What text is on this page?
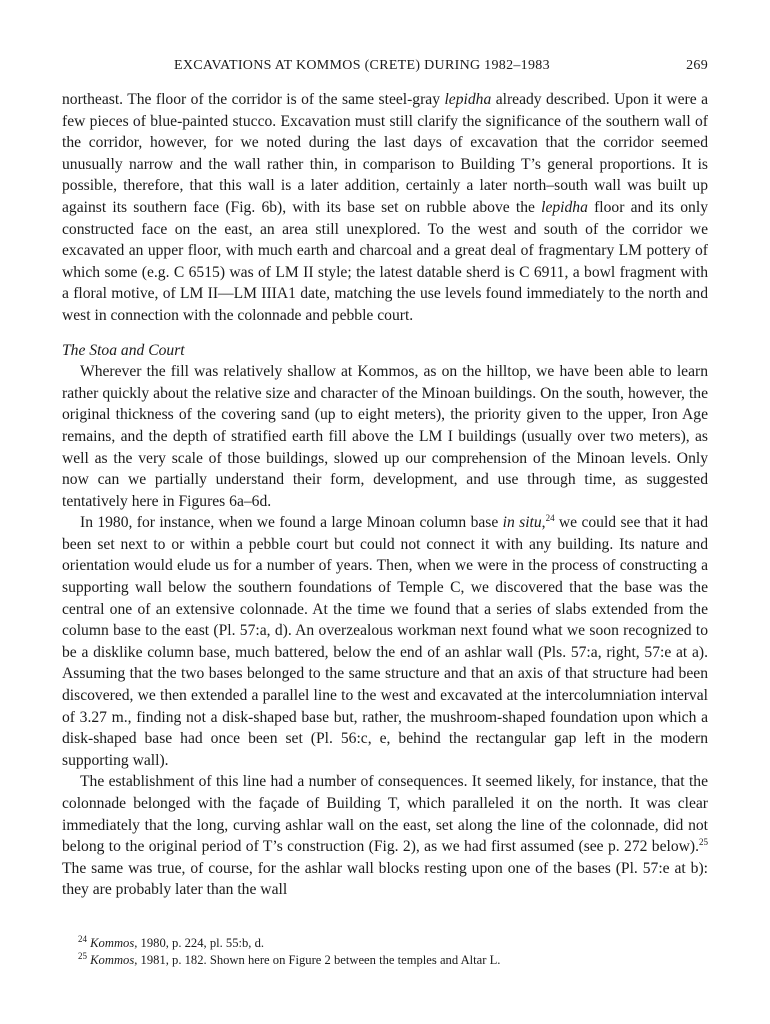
EXCAVATIONS AT KOMMOS (CRETE) DURING 1982–1983	269

northeast. The floor of the corridor is of the same steel-gray lepidha already described. Upon it were a few pieces of blue-painted stucco. Excavation must still clarify the significance of the southern wall of the corridor, however, for we noted during the last days of excavation that the corridor seemed unusually narrow and the wall rather thin, in comparison to Building T’s general proportions. It is possible, therefore, that this wall is a later addition, certainly a later north–south wall was built up against its southern face (Fig. 6b), with its base set on rubble above the lepidha floor and its only constructed face on the east, an area still unexplored. To the west and south of the corridor we excavated an upper floor, with much earth and charcoal and a great deal of fragmentary LM pottery of which some (e.g. C 6515) was of LM II style; the latest datable sherd is C 6911, a bowl fragment with a floral motive, of LM II—LM IIIA1 date, matching the use levels found immediately to the north and west in connection with the colonnade and pebble court.

The Stoa and Court

Wherever the fill was relatively shallow at Kommos, as on the hilltop, we have been able to learn rather quickly about the relative size and character of the Minoan buildings. On the south, however, the original thickness of the covering sand (up to eight meters), the priority given to the upper, Iron Age remains, and the depth of stratified earth fill above the LM I buildings (usually over two meters), as well as the very scale of those buildings, slowed up our comprehension of the Minoan levels. Only now can we partially understand their form, development, and use through time, as suggested tentatively here in Figures 6a–6d.

In 1980, for instance, when we found a large Minoan column base in situ,$^{24}$ we could see that it had been set next to or within a pebble court but could not connect it with any building. Its nature and orientation would elude us for a number of years. Then, when we were in the process of constructing a supporting wall below the southern foundations of Temple C, we discovered that the base was the central one of an extensive colonnade. At the time we found that a series of slabs extended from the column base to the east (Pl. 57:a, d). An overzealous workman next found what we soon recognized to be a disklike column base, much battered, below the end of an ashlar wall (Pls. 57:a, right, 57:e at a). Assuming that the two bases belonged to the same structure and that an axis of that structure had been discovered, we then extended a parallel line to the west and excavated at the intercolumniation interval of 3.27 m., finding not a disk-shaped base but, rather, the mushroom-shaped foundation upon which a disk-shaped base had once been set (Pl. 56:c, e, behind the rectangular gap left in the modern supporting wall).

The establishment of this line had a number of consequences. It seemed likely, for instance, that the colonnade belonged with the façade of Building T, which paralleled it on the north. It was clear immediately that the long, curving ashlar wall on the east, set along the line of the colonnade, did not belong to the original period of T’s construction (Fig. 2), as we had first assumed (see p. 272 below).$^{25}$ The same was true, of course, for the ashlar wall blocks resting upon one of the bases (Pl. 57:e at b): they are probably later than the wall

$^{24}$ Kommos, 1980, p. 224, pl. 55:b, d.
$^{25}$ Kommos, 1981, p. 182. Shown here on Figure 2 between the temples and Altar L.
